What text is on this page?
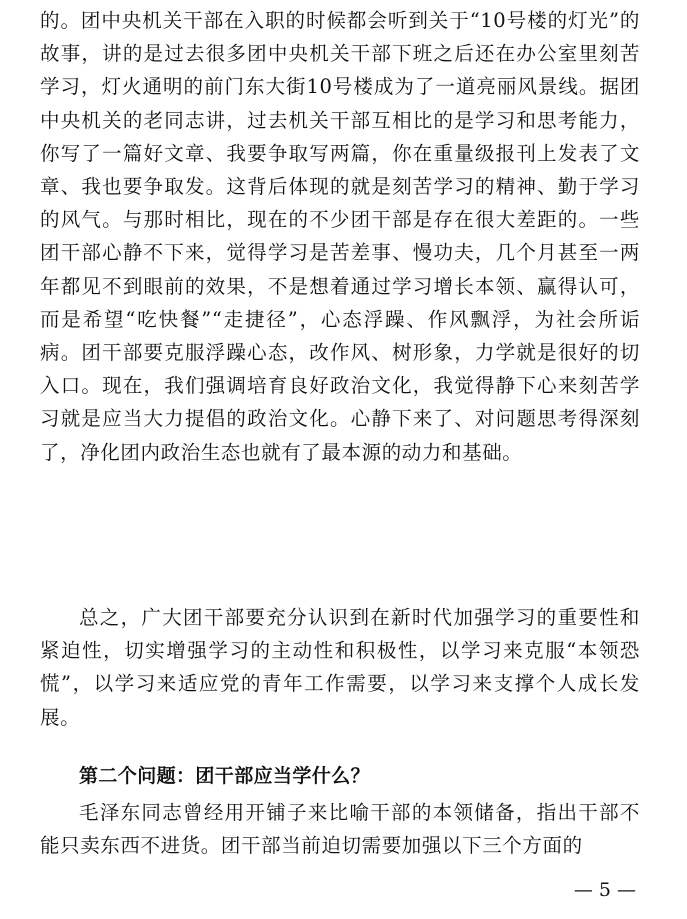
的。团中央机关干部在入职的时候都会听到关于“10号楼的灯光”的故事，讲的是过去很多团中央机关干部下班之后还在办公室里刻苦学习，灯火通明的前门东大街10号楼成为了一道亮丽风景线。据团中央机关的老同志讲，过去机关干部互相比的是学习和思考能力，你写了一篇好文章、我要争取写两篇，你在重量级报刊上发表了文章、我也要争取发。这背后体现的就是刻苦学习的精神、勤于学习的风气。与那时相比，现在的不少团干部是存在很大差距的。一些团干部心静不下来，觉得学习是苦差事、慢功夫，几个月甚至一两年都见不到眼前的效果，不是想着通过学习增长本领、赢得认可，而是希望“吃快餐”“走捷径”，心态浮躁、作风飘浮，为社会所诟病。团干部要克服浮躁心态，改作风、树形象，力学就是很好的切入口。现在，我们强调培育良好政治文化，我觉得静下心来刻苦学习就是应当大力提倡的政治文化。心静下来了、对问题思考得深刻了，净化团内政治生态也就有了最本源的动力和基础。

总之，广大团干部要充分认识到在新时代加强学习的重要性和紧迫性，切实增强学习的主动性和积极性，以学习来克服“本领恐慌”，以学习来适应党的青年工作需要，以学习来支撑个人成长发展。

第二个问题：团干部应当学什么？

毛泽东同志曾经用开铺子来比喻干部的本领储备，指出干部不能只卖东西不进货。团干部当前迫切需要加强以下三个方面的

— 5 —
